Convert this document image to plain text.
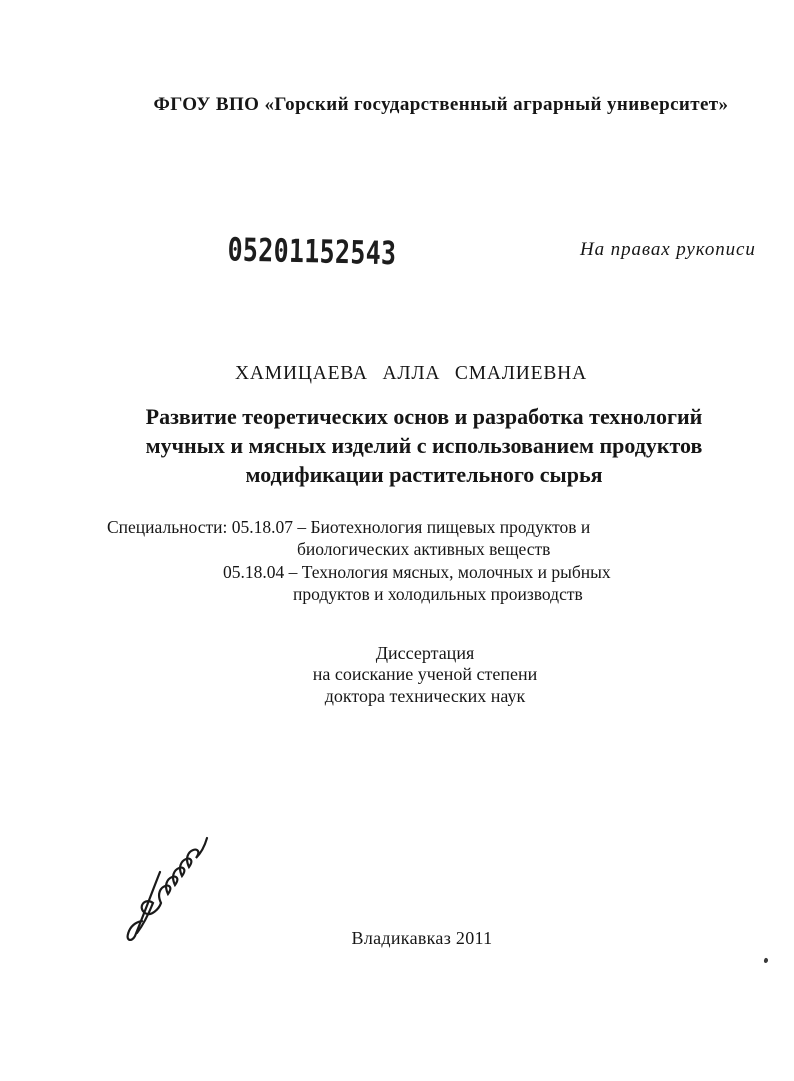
ФГОУ ВПО «Горский государственный аграрный университет»
05201152543	На правах рукописи
ХАМИЦАЕВА АЛЛА СМАЛИЕВНА
Развитие теоретических основ и разработка технологий
мучных и мясных изделий с использованием продуктов
модификации растительного сырья
Специальности: 05.18.07 – Биотехнология пищевых продуктов и
биологических активных веществ
05.18.04 – Технология мясных, молочных и рыбных
продуктов и холодильных производств
Диссертация
на соискание ученой степени
доктора технических наук
Владикавказ 2011
